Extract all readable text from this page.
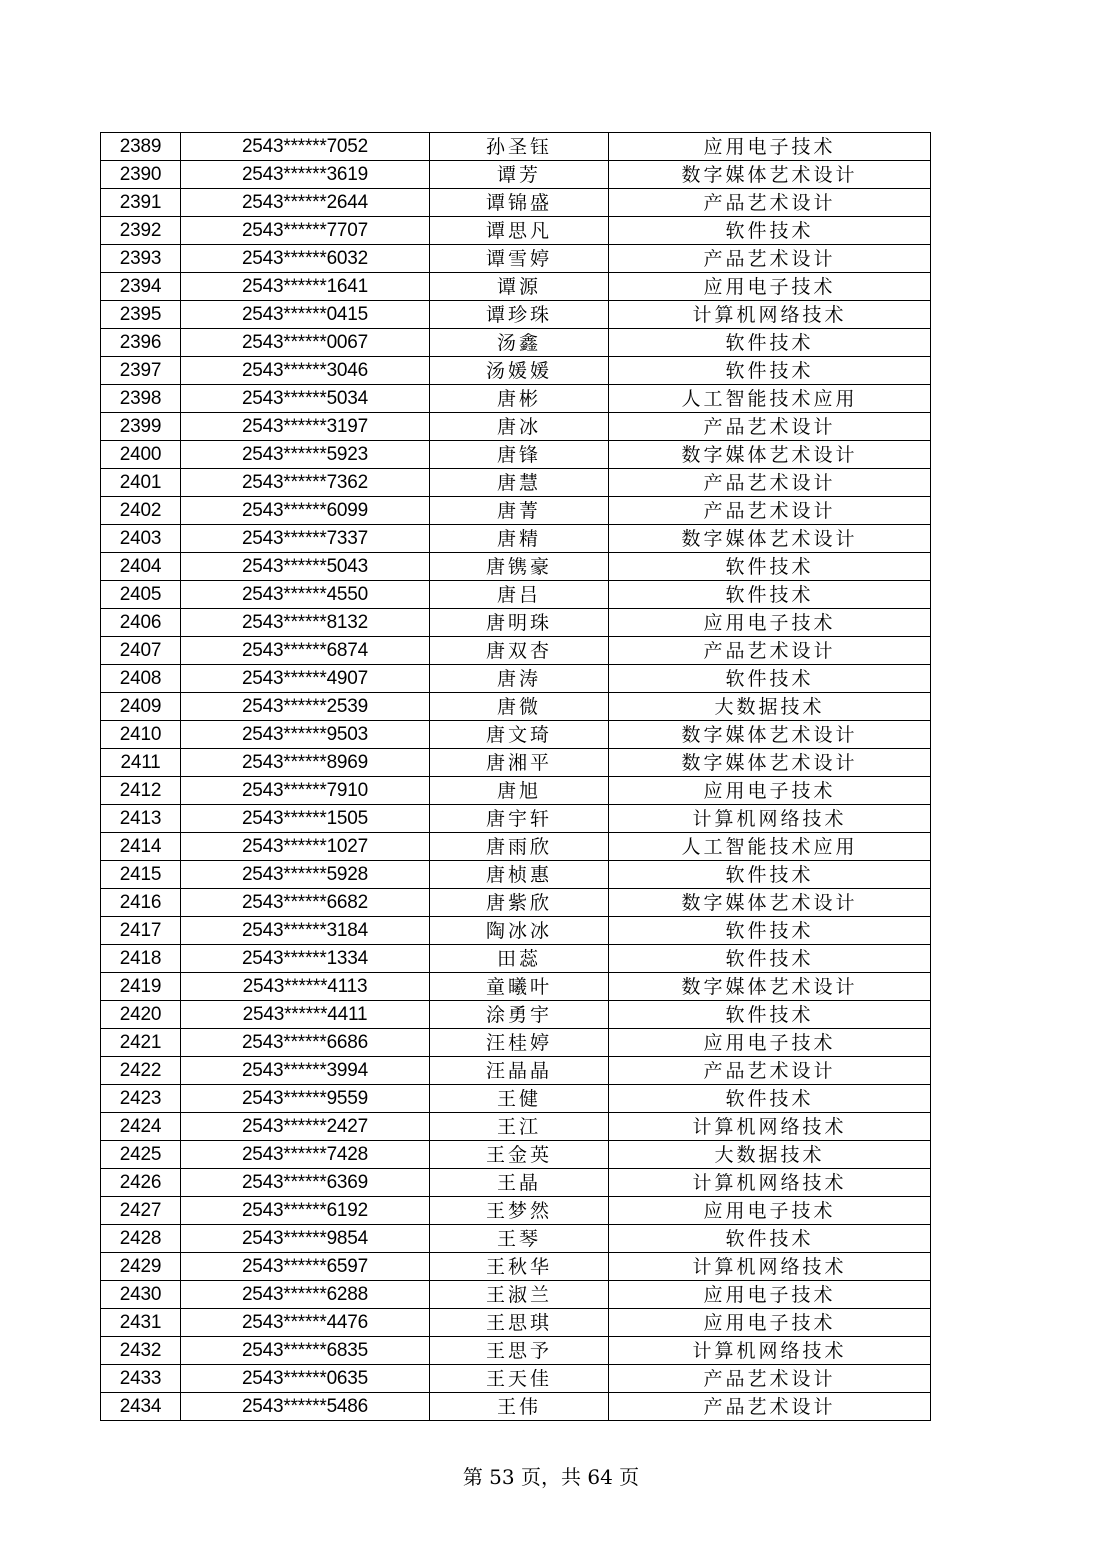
2389	2543******7052	孙圣钰	应用电子技术
2390	2543******3619	谭芳	数字媒体艺术设计
2391	2543******2644	谭锦盛	产品艺术设计
2392	2543******7707	谭思凡	软件技术
2393	2543******6032	谭雪婷	产品艺术设计
2394	2543******1641	谭源	应用电子技术
2395	2543******0415	谭珍珠	计算机网络技术
2396	2543******0067	汤鑫	软件技术
2397	2543******3046	汤媛媛	软件技术
2398	2543******5034	唐彬	人工智能技术应用
2399	2543******3197	唐冰	产品艺术设计
2400	2543******5923	唐锋	数字媒体艺术设计
2401	2543******7362	唐慧	产品艺术设计
2402	2543******6099	唐菁	产品艺术设计
2403	2543******7337	唐精	数字媒体艺术设计
2404	2543******5043	唐镌豪	软件技术
2405	2543******4550	唐吕	软件技术
2406	2543******8132	唐明珠	应用电子技术
2407	2543******6874	唐双杏	产品艺术设计
2408	2543******4907	唐涛	软件技术
2409	2543******2539	唐微	大数据技术
2410	2543******9503	唐文琦	数字媒体艺术设计
2411	2543******8969	唐湘平	数字媒体艺术设计
2412	2543******7910	唐旭	应用电子技术
2413	2543******1505	唐宇轩	计算机网络技术
2414	2543******1027	唐雨欣	人工智能技术应用
2415	2543******5928	唐桢惠	软件技术
2416	2543******6682	唐紫欣	数字媒体艺术设计
2417	2543******3184	陶冰冰	软件技术
2418	2543******1334	田蕊	软件技术
2419	2543******4113	童曦叶	数字媒体艺术设计
2420	2543******4411	涂勇宇	软件技术
2421	2543******6686	汪桂婷	应用电子技术
2422	2543******3994	汪晶晶	产品艺术设计
2423	2543******9559	王健	软件技术
2424	2543******2427	王江	计算机网络技术
2425	2543******7428	王金英	大数据技术
2426	2543******6369	王晶	计算机网络技术
2427	2543******6192	王梦然	应用电子技术
2428	2543******9854	王琴	软件技术
2429	2543******6597	王秋华	计算机网络技术
2430	2543******6288	王淑兰	应用电子技术
2431	2543******4476	王思琪	应用电子技术
2432	2543******6835	王思予	计算机网络技术
2433	2543******0635	王天佳	产品艺术设计
2434	2543******5486	王伟	产品艺术设计
第 53 页，共 64 页
